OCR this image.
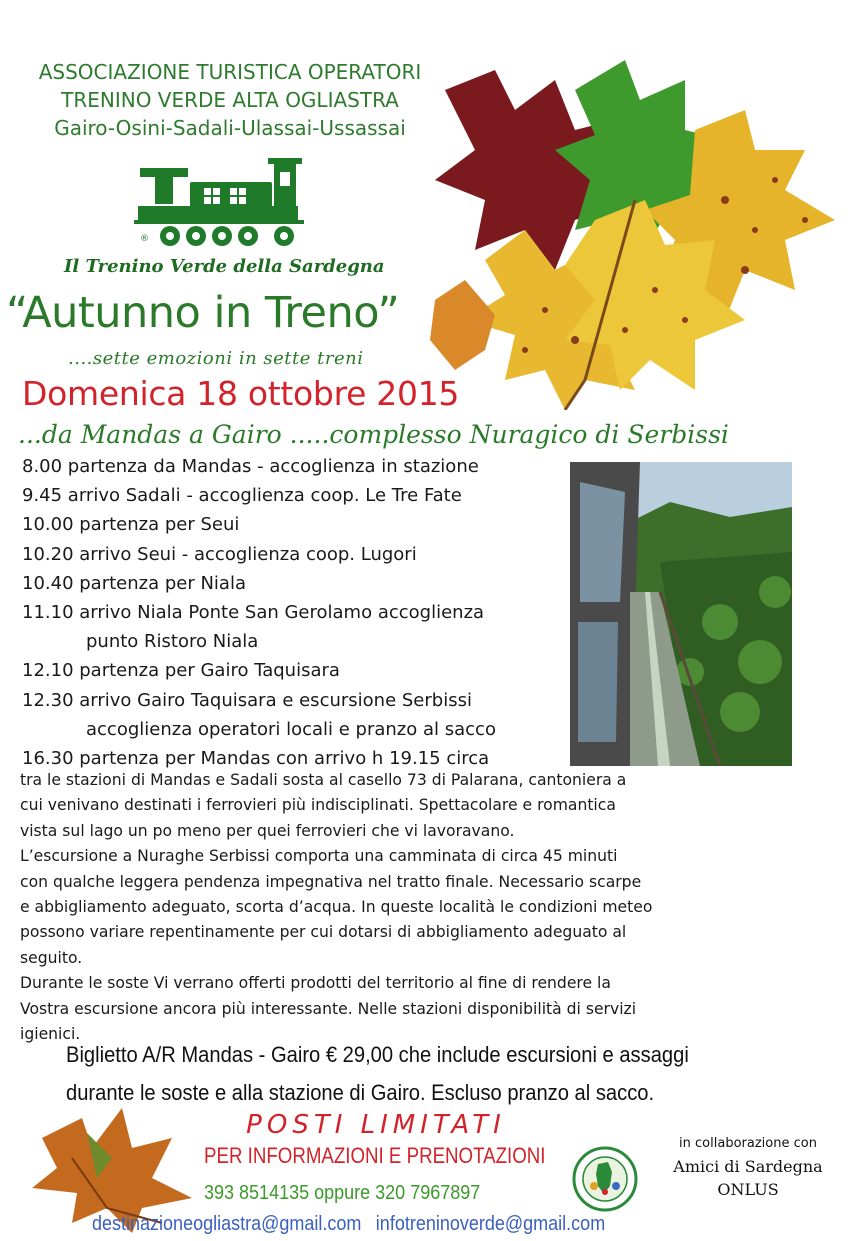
ASSOCIAZIONE TURISTICA OPERATORI
TRENINO VERDE ALTA OGLIASTRA
Gairo-Osini-Sadali-Ulassai-Ussassai
®
Il Trenino Verde della Sardegna
“Autunno in Treno”
....sette emozioni in sette treni
Domenica 18 ottobre 2015
...da Mandas a Gairo .....complesso Nuragico di Serbissi
8.00 partenza da Mandas - accoglienza in stazione
9.45 arrivo Sadali - accoglienza coop. Le Tre Fate
10.00 partenza per Seui
10.20 arrivo Seui - accoglienza coop. Lugori
10.40 partenza per Niala
11.10 arrivo Niala Ponte San Gerolamo accoglienza
punto Ristoro Niala
12.10 partenza per Gairo Taquisara
12.30 arrivo Gairo Taquisara e escursione Serbissi
accoglienza operatori locali e pranzo al sacco
16.30 partenza per Mandas con arrivo h 19.15 circa

tra le stazioni di Mandas e Sadali sosta al casello 73 di Palarana, cantoniera a

cui venivano destinati i ferrovieri più indisciplinati. Spettacolare e romantica

vista sul lago un po meno per quei ferrovieri che vi lavoravano.

L’escursione a Nuraghe Serbissi comporta una camminata di circa 45 minuti

con qualche leggera pendenza impegnativa nel tratto finale. Necessario scarpe

e abbigliamento adeguato, scorta d’acqua. In queste località le condizioni meteo

possono variare repentinamente per cui dotarsi di abbigliamento adeguato al

seguito.

Durante le soste Vi verrano offerti prodotti del territorio al fine di rendere la

Vostra escursione ancora più interessante. Nelle stazioni disponibilità di servizi

igienici.

Biglietto A/R Mandas - Gairo € 29,00 che include escursioni e assaggi

durante le soste e alla stazione di Gairo. Escluso pranzo al sacco.

POSTI LIMITATI
PER INFORMAZIONI E PRENOTAZIONI
393 8514135 oppure 320 7967897
in collaborazione con
Amici di Sardegna
ONLUS
destinazioneogliastra@gmail.com infotreninoverde@gmail.com
